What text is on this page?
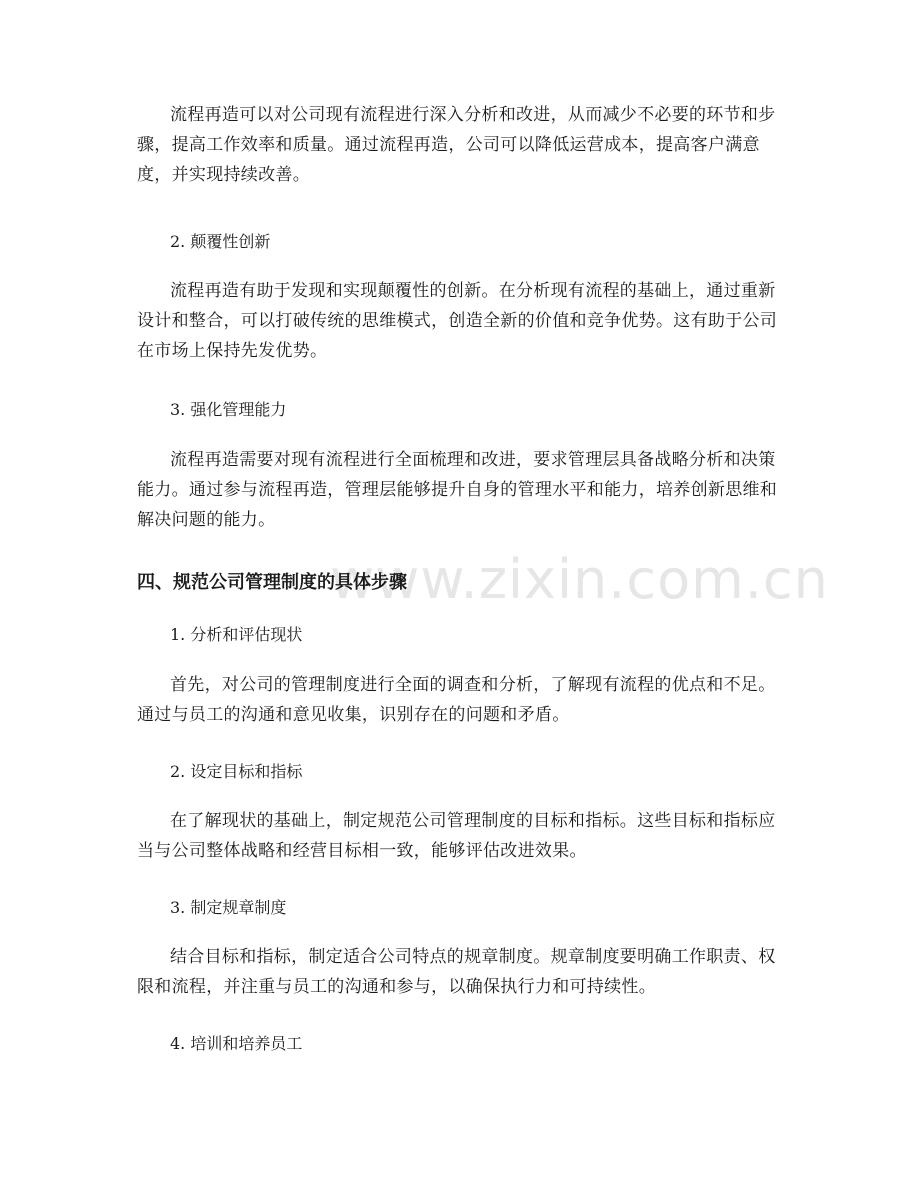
www.zixin.com.cn

流程再造可以对公司现有流程进行深入分析和改进，从而减少不必要的环节和步骤，提高工作效率和质量。通过流程再造，公司可以降低运营成本，提高客户满意度，并实现持续改善。

2. 颠覆性创新

流程再造有助于发现和实现颠覆性的创新。在分析现有流程的基础上，通过重新设计和整合，可以打破传统的思维模式，创造全新的价值和竞争优势。这有助于公司在市场上保持先发优势。

3. 强化管理能力

流程再造需要对现有流程进行全面梳理和改进，要求管理层具备战略分析和决策能力。通过参与流程再造，管理层能够提升自身的管理水平和能力，培养创新思维和解决问题的能力。

四、规范公司管理制度的具体步骤

1. 分析和评估现状

首先，对公司的管理制度进行全面的调查和分析，了解现有流程的优点和不足。通过与员工的沟通和意见收集，识别存在的问题和矛盾。

2. 设定目标和指标

在了解现状的基础上，制定规范公司管理制度的目标和指标。这些目标和指标应当与公司整体战略和经营目标相一致，能够评估改进效果。

3. 制定规章制度

结合目标和指标，制定适合公司特点的规章制度。规章制度要明确工作职责、权限和流程，并注重与员工的沟通和参与，以确保执行力和可持续性。

4. 培训和培养员工
